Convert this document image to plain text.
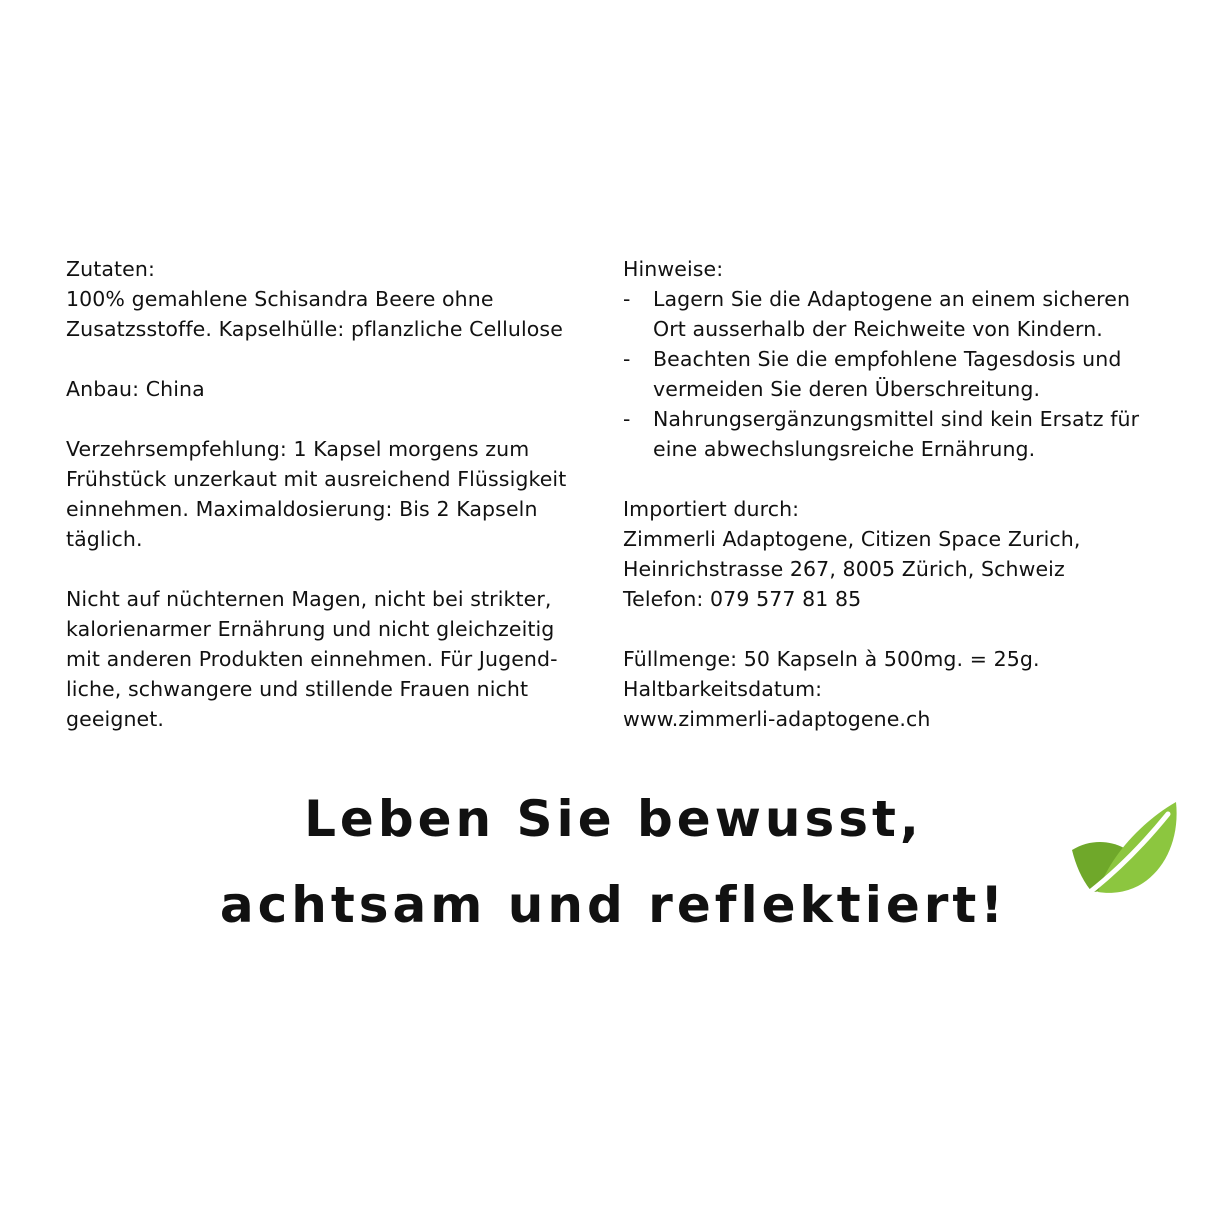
Zutaten:
100% gemahlene Schisandra Beere ohne
Zusatzsstoffe. Kapselhülle: pflanzliche Cellulose
Anbau: China
Verzehrsempfehlung: 1 Kapsel morgens zum
Frühstück unzerkaut mit ausreichend Flüssigkeit
einnehmen. Maximaldosierung: Bis 2 Kapseln
täglich.
Nicht auf nüchternen Magen, nicht bei strikter,
kalorienarmer Ernährung und nicht gleichzeitig
mit anderen Produkten einnehmen. Für Jugend-
liche, schwangere und stillende Frauen nicht
geeignet.
Hinweise:
- Lagern Sie die Adaptogene an einem sicheren
Ort ausserhalb der Reichweite von Kindern.
- Beachten Sie die empfohlene Tagesdosis und
vermeiden Sie deren Überschreitung.
- Nahrungsergänzungsmittel sind kein Ersatz für
eine abwechslungsreiche Ernährung.
Importiert durch:
Zimmerli Adaptogene, Citizen Space Zurich,
Heinrichstrasse 267, 8005 Zürich, Schweiz
Telefon: 079 577 81 85
Füllmenge: 50 Kapseln à 500mg. = 25g.
Haltbarkeitsdatum:
www.zimmerli-adaptogene.ch
Leben Sie bewusst,
achtsam und reflektiert!
